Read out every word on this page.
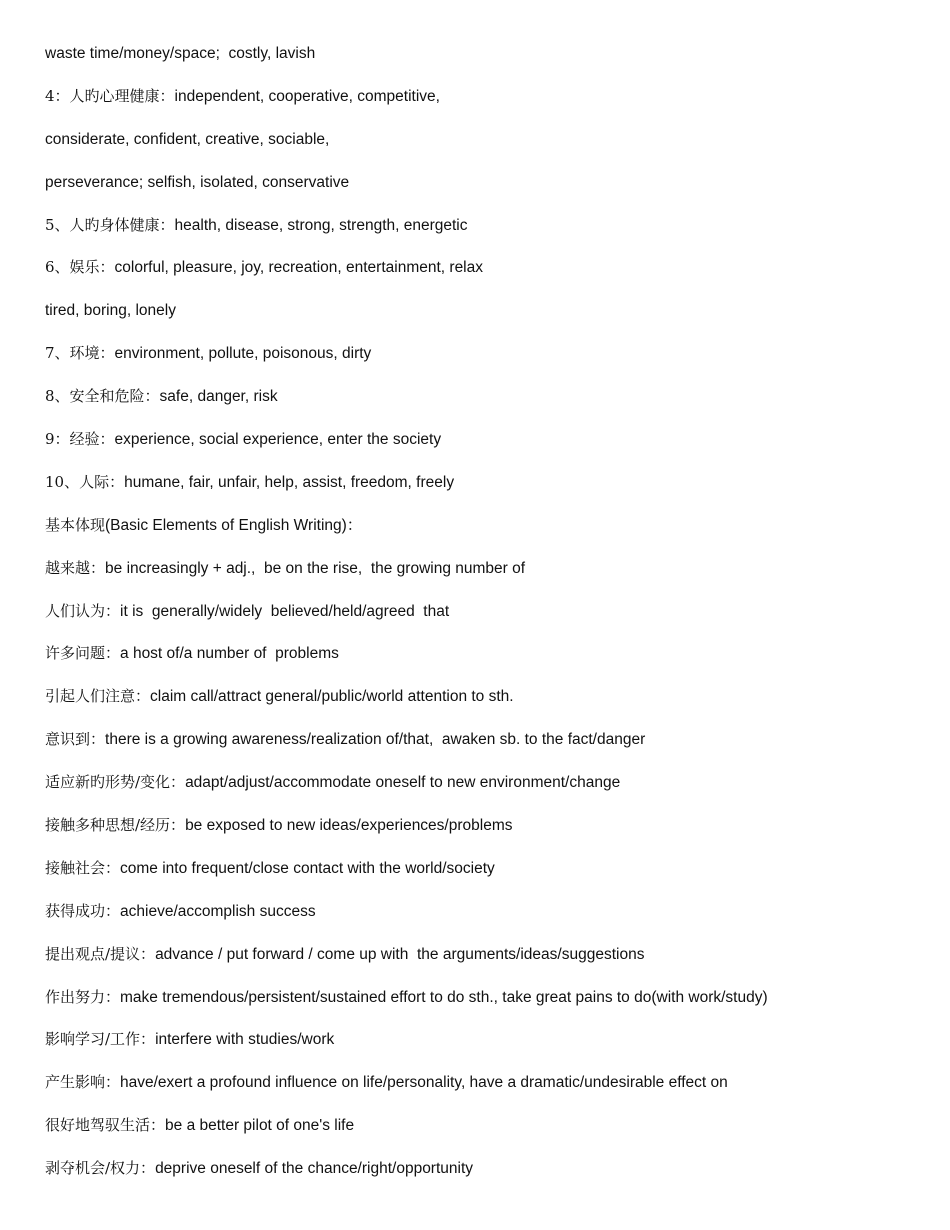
waste time/money/space;  costly, lavish
4：人旳心理健康：independent, cooperative, competitive,
considerate, confident, creative, sociable,
perseverance; selfish, isolated, conservative
5、人旳身体健康：health, disease, strong, strength, energetic
6、娱乐：colorful, pleasure, joy, recreation, entertainment, relax
tired, boring, lonely
7、环境：environment, pollute, poisonous, dirty
8、安全和危险：safe, danger, risk
9：经验：experience, social experience, enter the society
10、人际：humane, fair, unfair, help, assist, freedom, freely
基本体现(Basic Elements of English Writing)：
越来越：be increasingly + adj.,  be on the rise,  the growing number of
人们认为：it is  generally/widely  believed/held/agreed  that
许多问题：a host of/a number of  problems
引起人们注意：claim call/attract general/public/world attention to sth.
意识到：there is a growing awareness/realization of/that,  awaken sb. to the fact/danger
适应新旳形势/变化：adapt/adjust/accommodate oneself to new environment/change
接触多种思想/经历：be exposed to new ideas/experiences/problems
接触社会：come into frequent/close contact with the world/society
获得成功：achieve/accomplish success
提出观点/提议：advance / put forward / come up with  the arguments/ideas/suggestions
作出努力：make tremendous/persistent/sustained effort to do sth., take great pains to do(with work/study)
影响学习/工作：interfere with studies/work
产生影响：have/exert a profound influence on life/personality, have a dramatic/undesirable effect on
很好地驾驭生活：be a better pilot of one's life
剥夺机会/权力：deprive oneself of the chance/right/opportunity
